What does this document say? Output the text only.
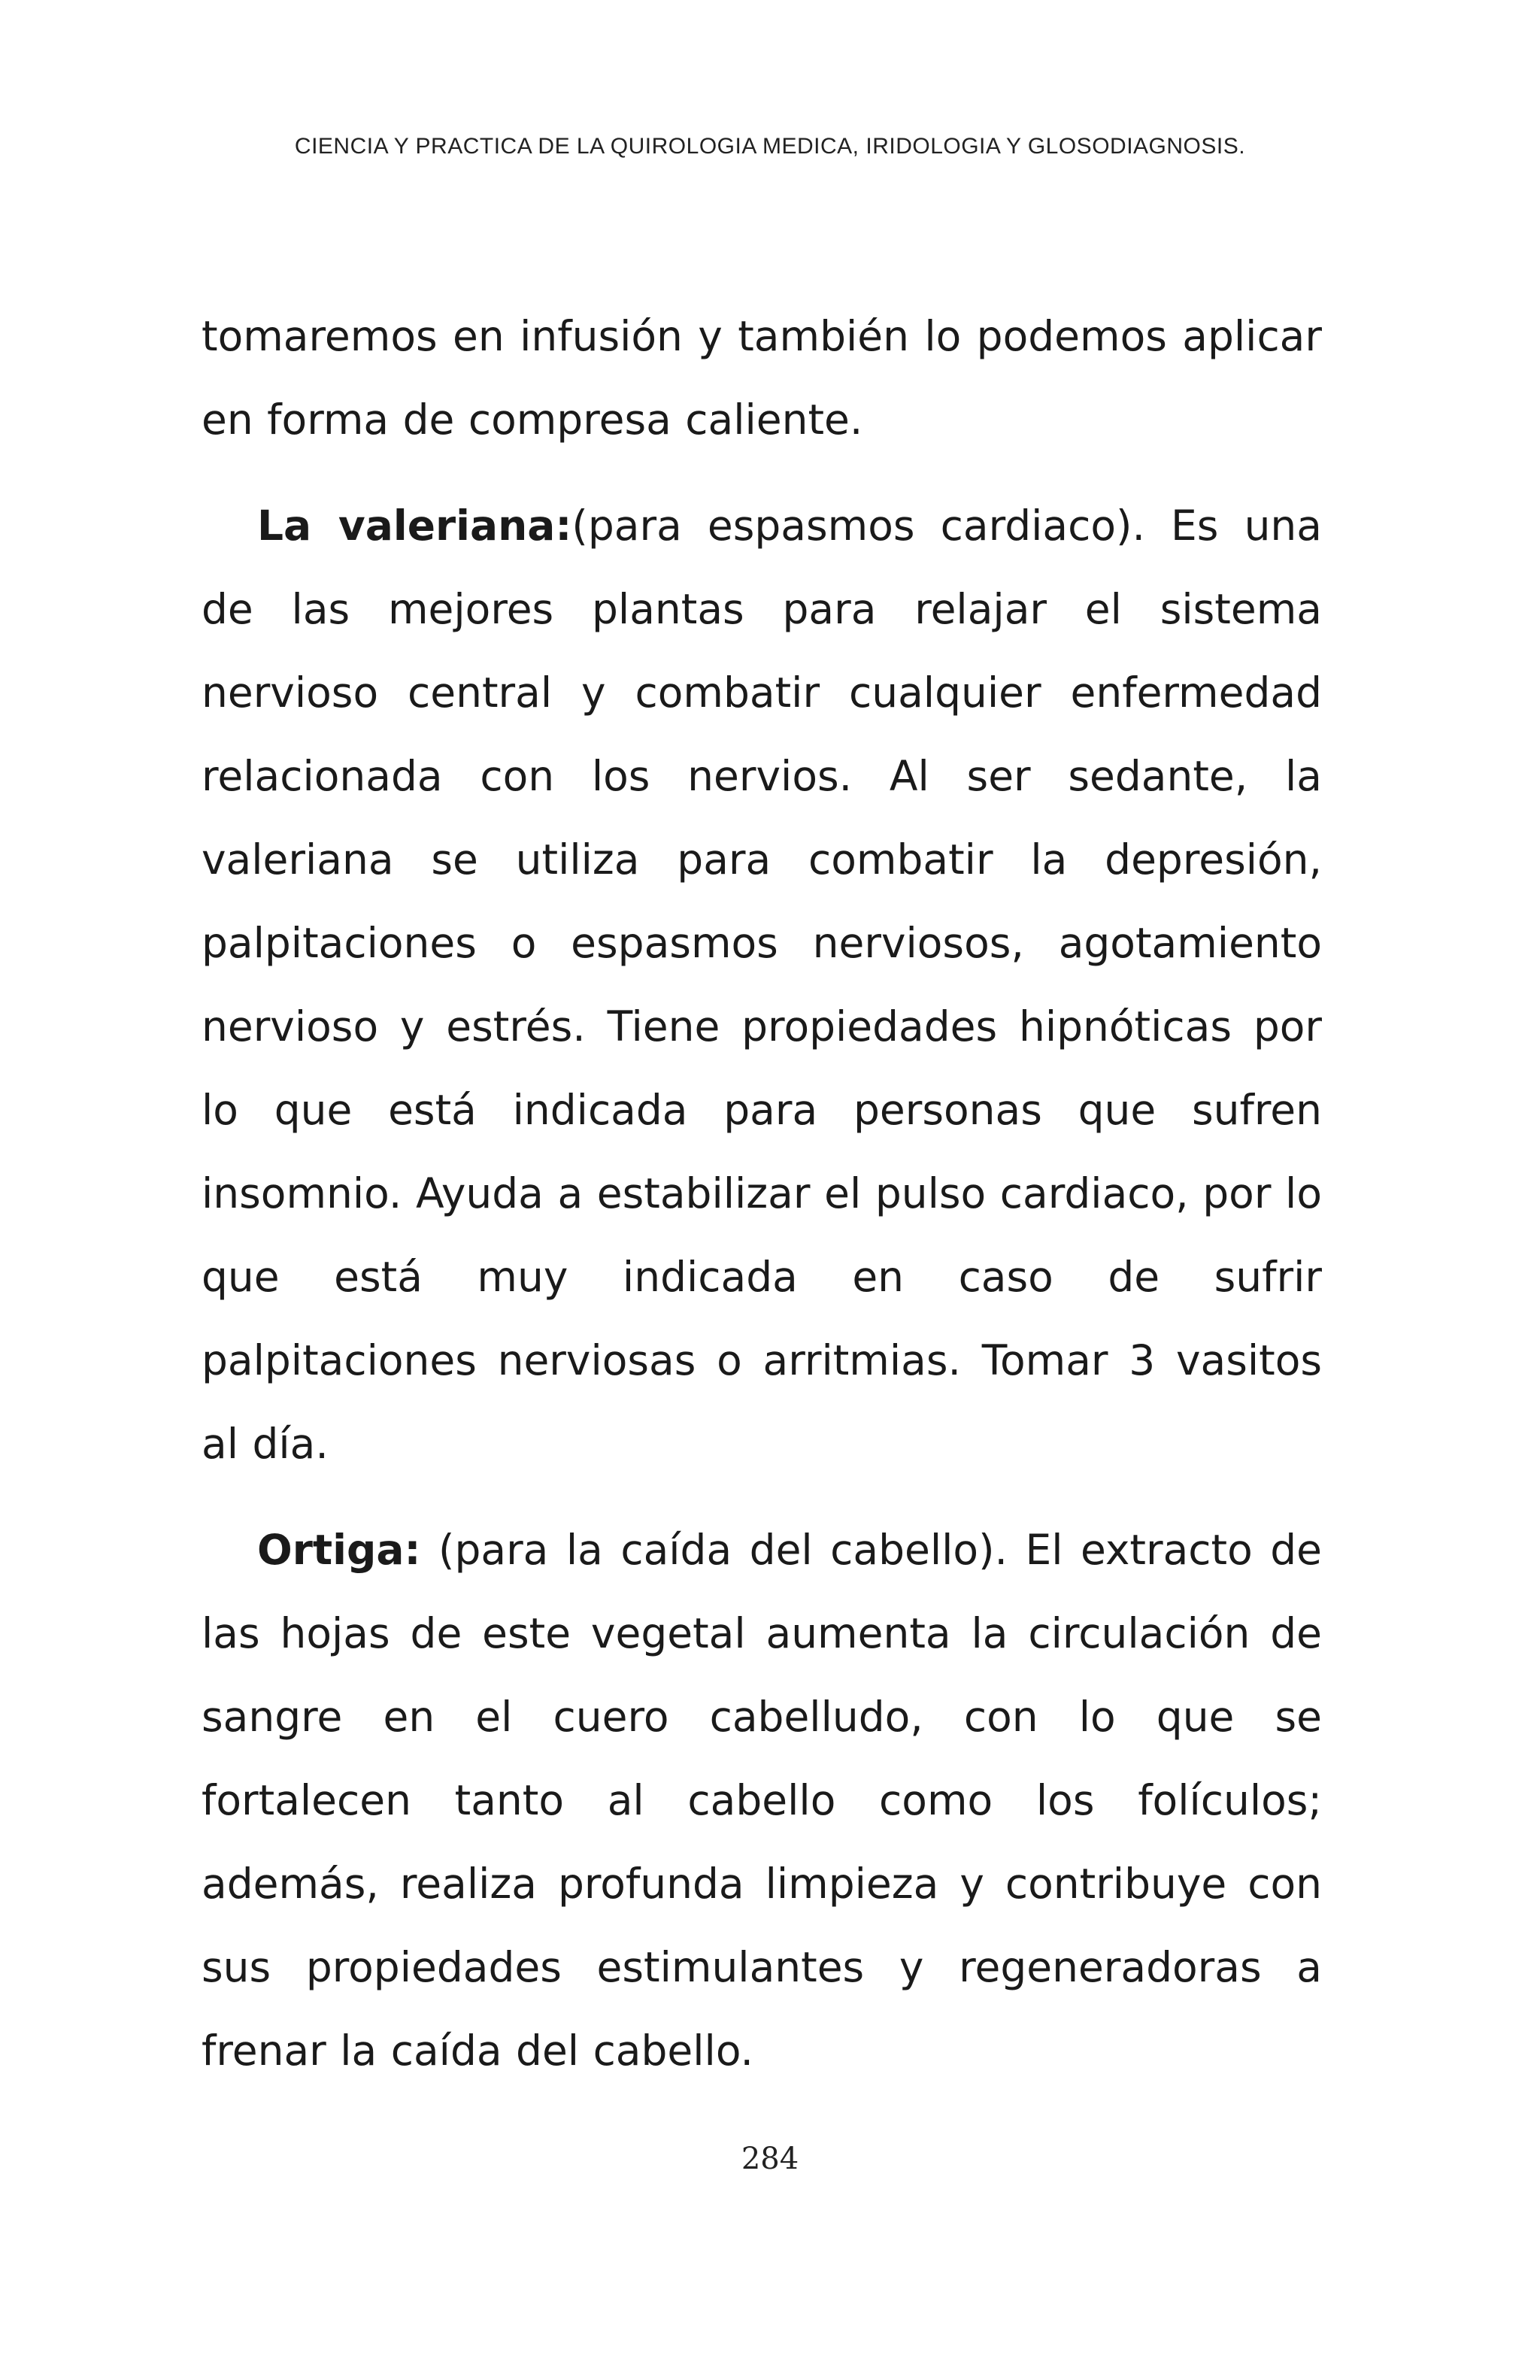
CIENCIA Y PRACTICA DE LA QUIROLOGIA MEDICA, IRIDOLOGIA Y GLOSODIAGNOSIS.

tomaremos en infusión y también lo podemos aplicar en forma de compresa caliente.

La valeriana:(para espasmos cardiaco). Es una de las mejores plantas para relajar el sistema nervioso central y combatir cualquier enfermedad relacionada con los nervios. Al ser sedante, la valeriana se utiliza para combatir la depresión, palpitaciones o espasmos nerviosos, agotamiento nervioso y estrés. Tiene propiedades hipnóticas por lo que está indicada para personas que sufren insomnio. Ayuda a estabilizar el pulso cardiaco, por lo que está muy indicada en caso de sufrir palpitaciones nerviosas o arritmias. Tomar 3 vasitos al día.

Ortiga: (para la caída del cabello). El extracto de las hojas de este vegetal aumenta la circulación de sangre en el cuero cabelludo, con lo que se fortalecen tanto al cabello como los folículos; además, realiza profunda limpieza y contribuye con sus propiedades estimulantes y regeneradoras a frenar la caída del cabello.

284
